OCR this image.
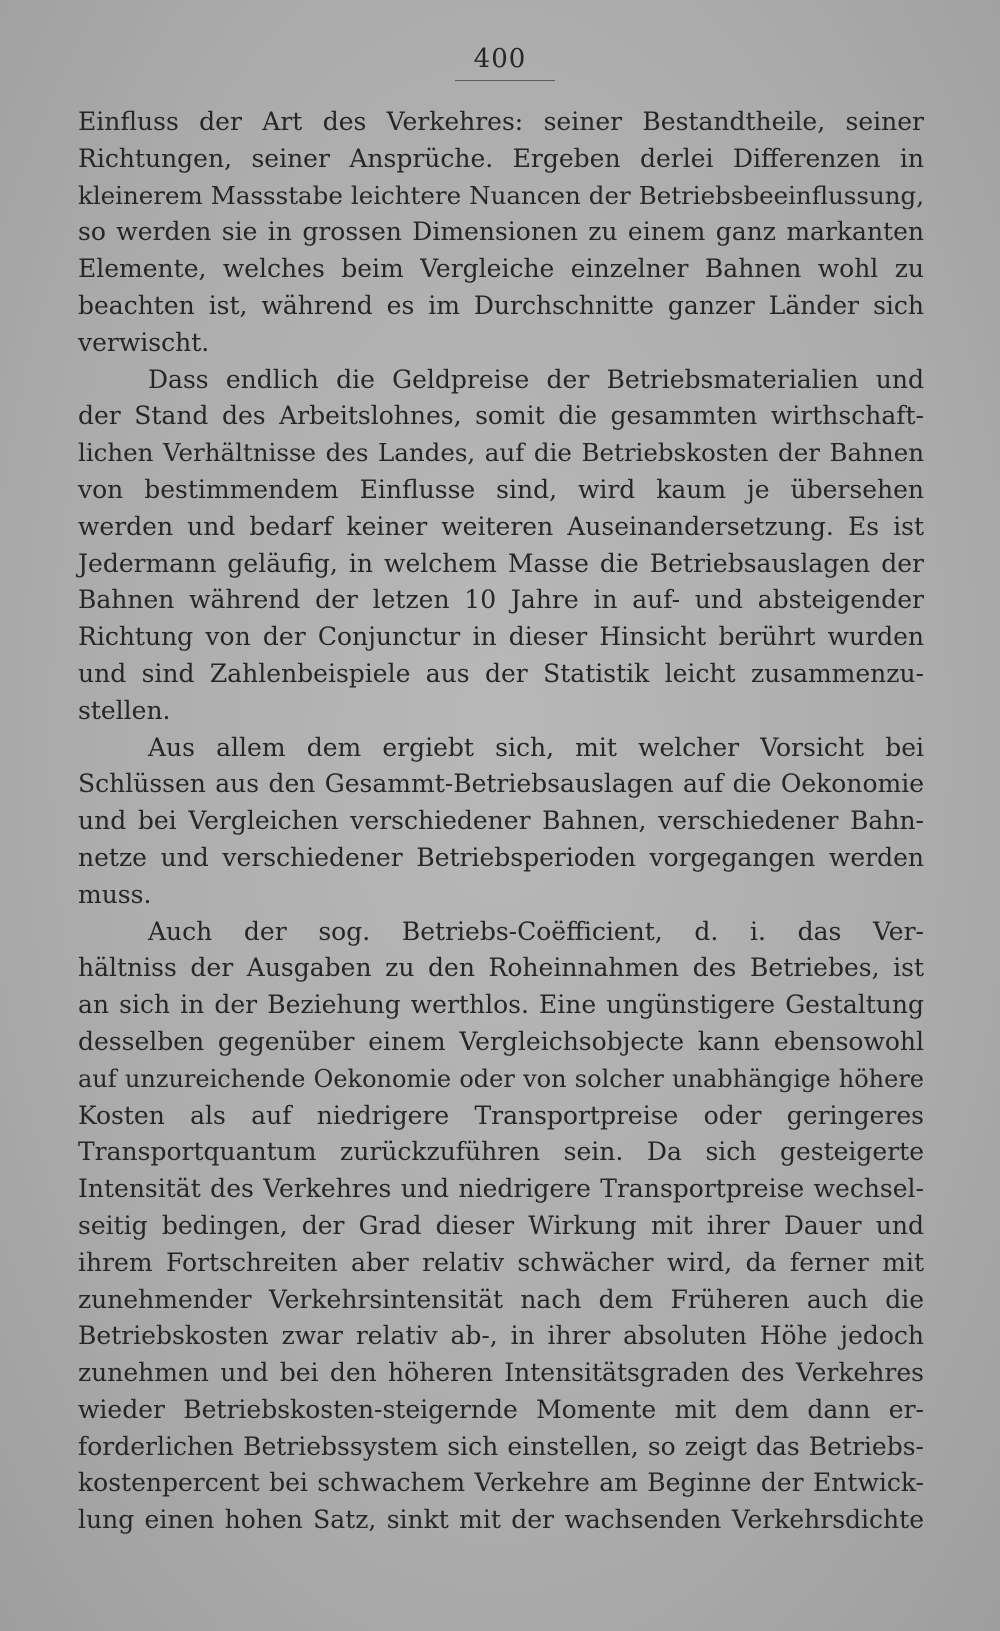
400
Einfluss der Art des Verkehres: seiner Bestandtheile, seiner
Richtungen, seiner Ansprüche. Ergeben derlei Differenzen in
kleinerem Massstabe leichtere Nuancen der Betriebsbeeinflussung,
so werden sie in grossen Dimensionen zu einem ganz markanten
Elemente, welches beim Vergleiche einzelner Bahnen wohl zu
beachten ist, während es im Durchschnitte ganzer Länder sich
verwischt.
Dass endlich die Geldpreise der Betriebsmaterialien und
der Stand des Arbeitslohnes, somit die gesammten wirthschaft-
lichen Verhältnisse des Landes, auf die Betriebskosten der Bahnen
von bestimmendem Einflusse sind, wird kaum je übersehen
werden und bedarf keiner weiteren Auseinandersetzung. Es ist
Jedermann geläufig, in welchem Masse die Betriebsauslagen der
Bahnen während der letzen 10 Jahre in auf- und absteigender
Richtung von der Conjunctur in dieser Hinsicht berührt wurden
und sind Zahlenbeispiele aus der Statistik leicht zusammenzu-
stellen.
Aus allem dem ergiebt sich, mit welcher Vorsicht bei
Schlüssen aus den Gesammt-Betriebsauslagen auf die Oekonomie
und bei Vergleichen verschiedener Bahnen, verschiedener Bahn-
netze und verschiedener Betriebsperioden vorgegangen werden
muss.
Auch der sog. Betriebs-Coëfficient, d. i. das Ver-
hältniss der Ausgaben zu den Roheinnahmen des Betriebes, ist
an sich in der Beziehung werthlos. Eine ungünstigere Gestaltung
desselben gegenüber einem Vergleichsobjecte kann ebensowohl
auf unzureichende Oekonomie oder von solcher unabhängige höhere
Kosten als auf niedrigere Transportpreise oder geringeres
Transportquantum zurückzuführen sein. Da sich gesteigerte
Intensität des Verkehres und niedrigere Transportpreise wechsel-
seitig bedingen, der Grad dieser Wirkung mit ihrer Dauer und
ihrem Fortschreiten aber relativ schwächer wird, da ferner mit
zunehmender Verkehrsintensität nach dem Früheren auch die
Betriebskosten zwar relativ ab-, in ihrer absoluten Höhe jedoch
zunehmen und bei den höheren Intensitätsgraden des Verkehres
wieder Betriebskosten-steigernde Momente mit dem dann er-
forderlichen Betriebssystem sich einstellen, so zeigt das Betriebs-
kostenpercent bei schwachem Verkehre am Beginne der Entwick-
lung einen hohen Satz, sinkt mit der wachsenden Verkehrsdichte
